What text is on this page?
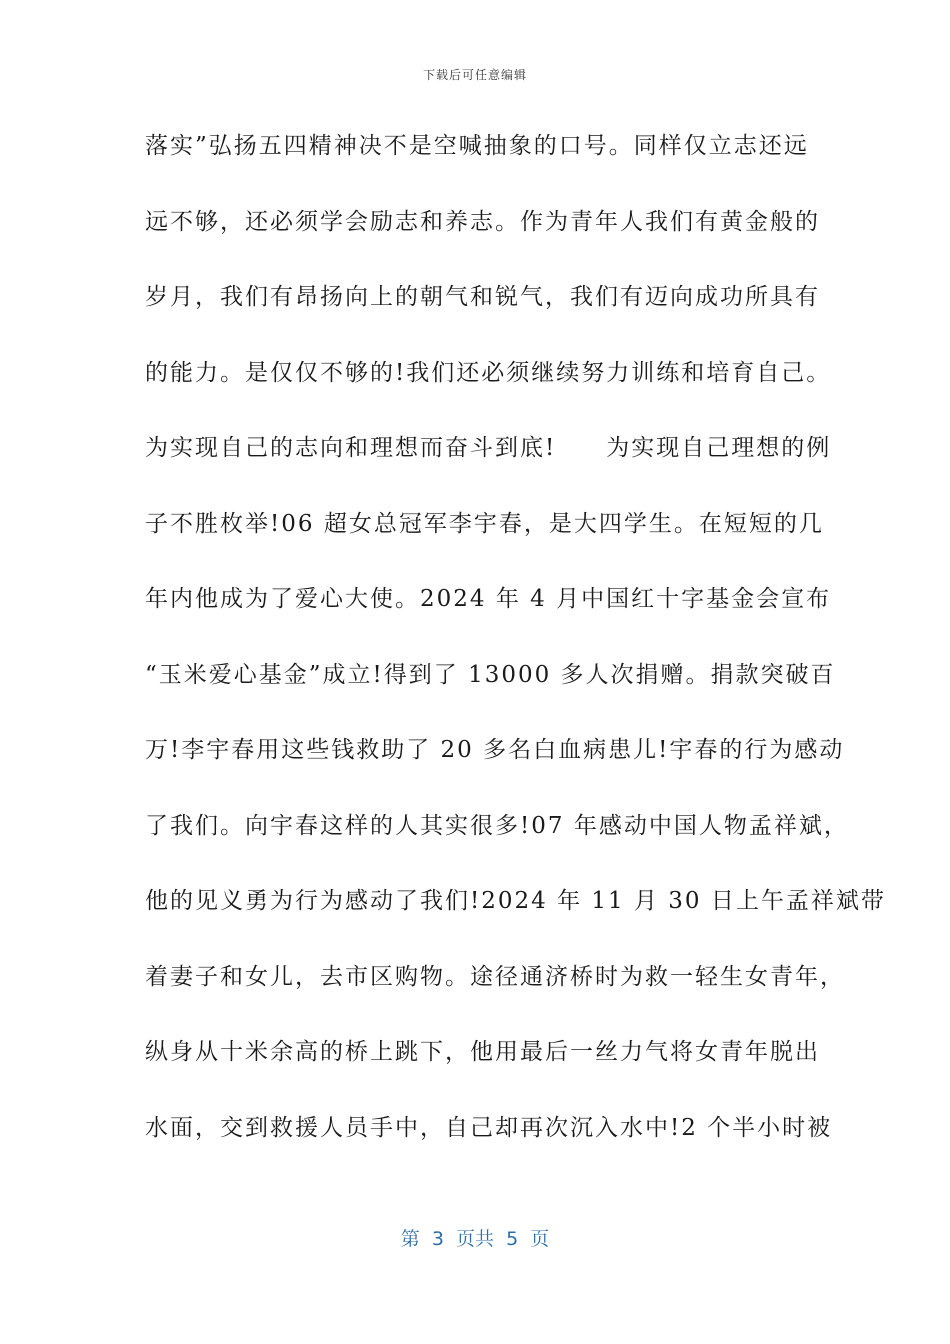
下载后可任意编辑
落实”弘扬五四精神决不是空喊抽象的口号。同样仅立志还远
远不够，还必须学会励志和养志。作为青年人我们有黄金般的
岁月，我们有昂扬向上的朝气和锐气，我们有迈向成功所具有
的能力。是仅仅不够的!我们还必须继续努力训练和培育自己。
为实现自己的志向和理想而奋斗到底!　　为实现自己理想的例
子不胜枚举!06 超女总冠军李宇春，是大四学生。在短短的几
年内他成为了爱心大使。2024 年 4 月中国红十字基金会宣布
“玉米爱心基金”成立!得到了 13000 多人次捐赠。捐款突破百
万!李宇春用这些钱救助了 20 多名白血病患儿!宇春的行为感动
了我们。向宇春这样的人其实很多!07 年感动中国人物孟祥斌，
他的见义勇为行为感动了我们!2024 年 11 月 30 日上午孟祥斌带
着妻子和女儿，去市区购物。途径通济桥时为救一轻生女青年，
纵身从十米余高的桥上跳下，他用最后一丝力气将女青年脱出
水面，交到救援人员手中，自己却再次沉入水中!2 个半小时被
第  3  页共  5  页
